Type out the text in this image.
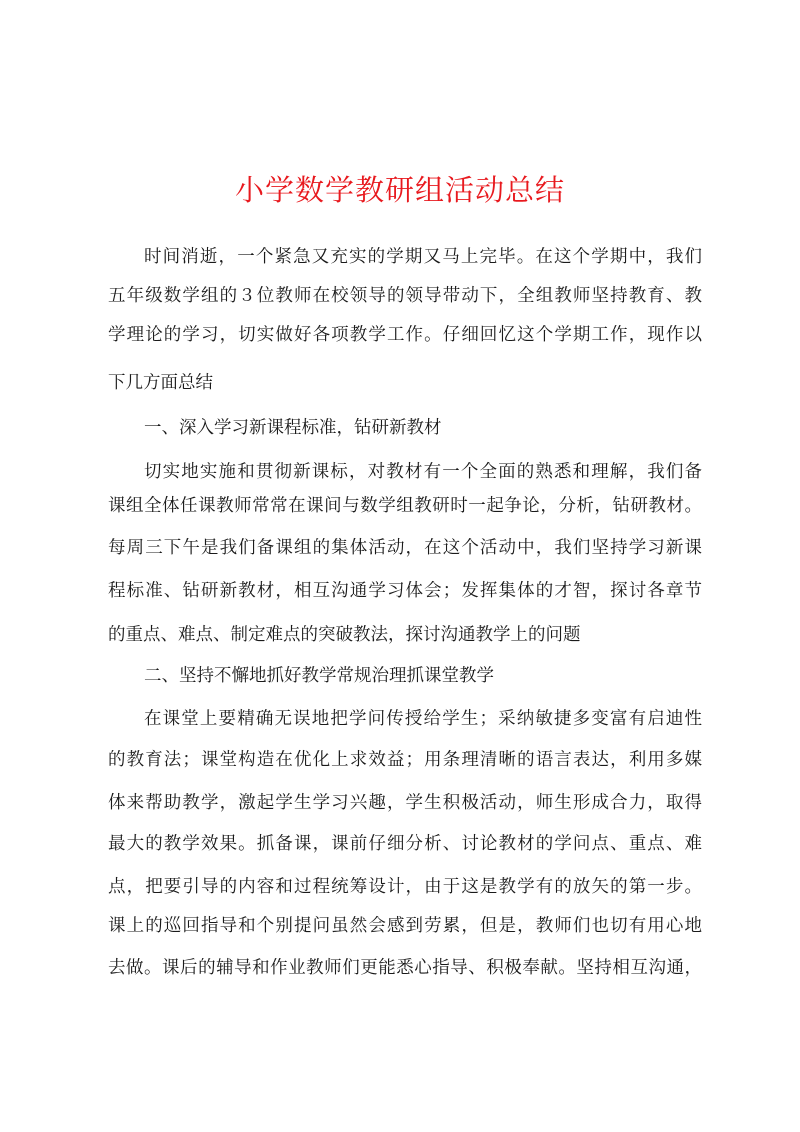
小学数学教研组活动总结
时间消逝，一个紧急又充实的学期又马上完毕。在这个学期中，我们
五年级数学组的３位教师在校领导的领导带动下，全组教师坚持教育、教
学理论的学习，切实做好各项教学工作。仔细回忆这个学期工作，现作以
下几方面总结
一、深入学习新课程标准，钻研新教材
切实地实施和贯彻新课标，对教材有一个全面的熟悉和理解，我们备
课组全体任课教师常常在课间与数学组教研时一起争论，分析，钻研教材。
每周三下午是我们备课组的集体活动，在这个活动中，我们坚持学习新课
程标准、钻研新教材，相互沟通学习体会；发挥集体的才智，探讨各章节
的重点、难点、制定难点的突破教法，探讨沟通教学上的问题
二、坚持不懈地抓好教学常规治理抓课堂教学
在课堂上要精确无误地把学问传授给学生；采纳敏捷多变富有启迪性
的教育法；课堂构造在优化上求效益；用条理清晰的语言表达，利用多媒
体来帮助教学，激起学生学习兴趣，学生积极活动，师生形成合力，取得
最大的教学效果。抓备课，课前仔细分析、讨论教材的学问点、重点、难
点，把要引导的内容和过程统筹设计，由于这是教学有的放矢的第一步。
课上的巡回指导和个别提问虽然会感到劳累，但是，教师们也切有用心地
去做。课后的辅导和作业教师们更能悉心指导、积极奉献。坚持相互沟通，
